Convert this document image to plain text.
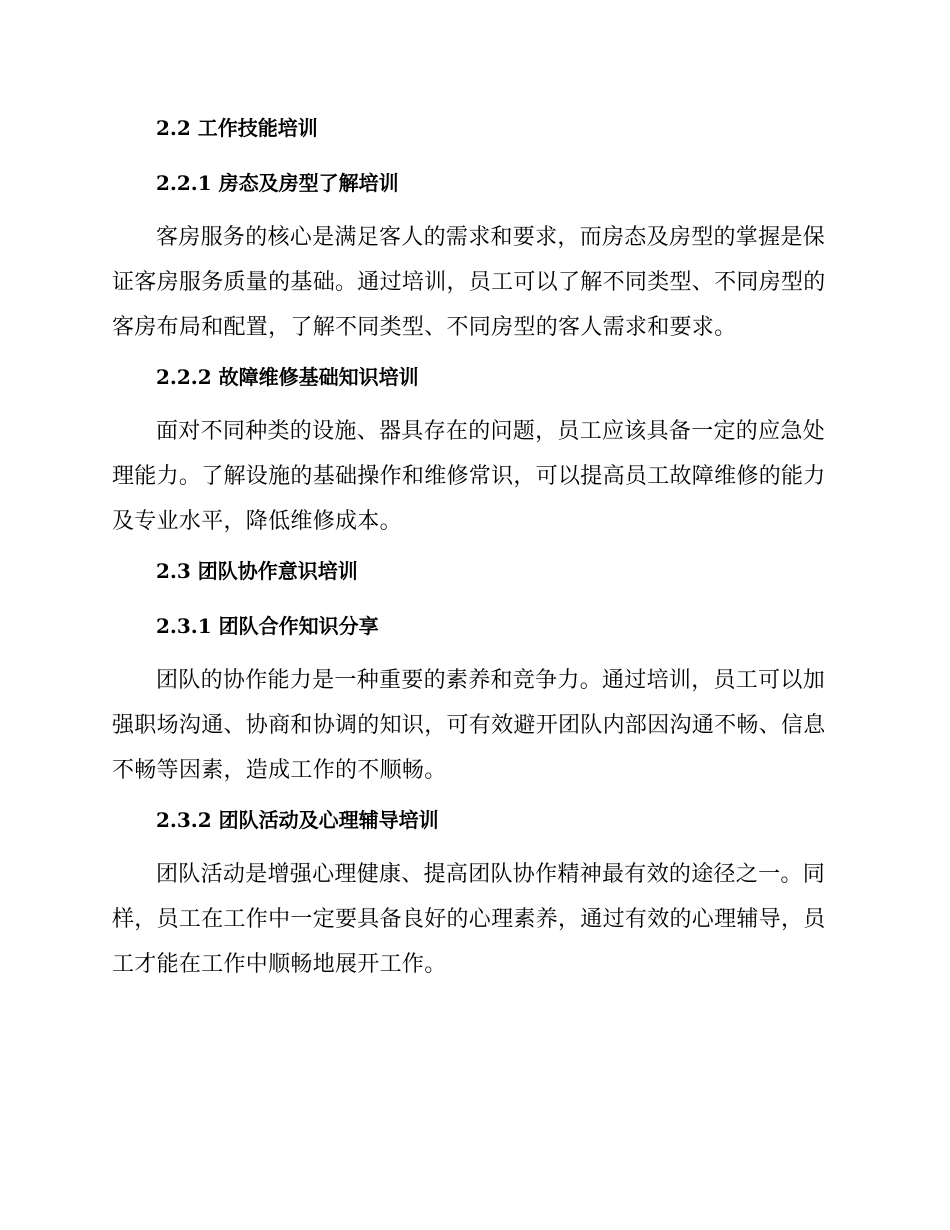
2.2 工作技能培训
2.2.1 房态及房型了解培训
客房服务的核心是满足客人的需求和要求，而房态及房型的掌握是保证客房服务质量的基础。通过培训，员工可以了解不同类型、不同房型的客房布局和配置，了解不同类型、不同房型的客人需求和要求。
2.2.2 故障维修基础知识培训
面对不同种类的设施、器具存在的问题，员工应该具备一定的应急处理能力。了解设施的基础操作和维修常识，可以提高员工故障维修的能力及专业水平，降低维修成本。
2.3 团队协作意识培训
2.3.1 团队合作知识分享
团队的协作能力是一种重要的素养和竞争力。通过培训，员工可以加强职场沟通、协商和协调的知识，可有效避开团队内部因沟通不畅、信息不畅等因素，造成工作的不顺畅。
2.3.2 团队活动及心理辅导培训
团队活动是增强心理健康、提高团队协作精神最有效的途径之一。同样，员工在工作中一定要具备良好的心理素养，通过有效的心理辅导，员工才能在工作中顺畅地展开工作。
